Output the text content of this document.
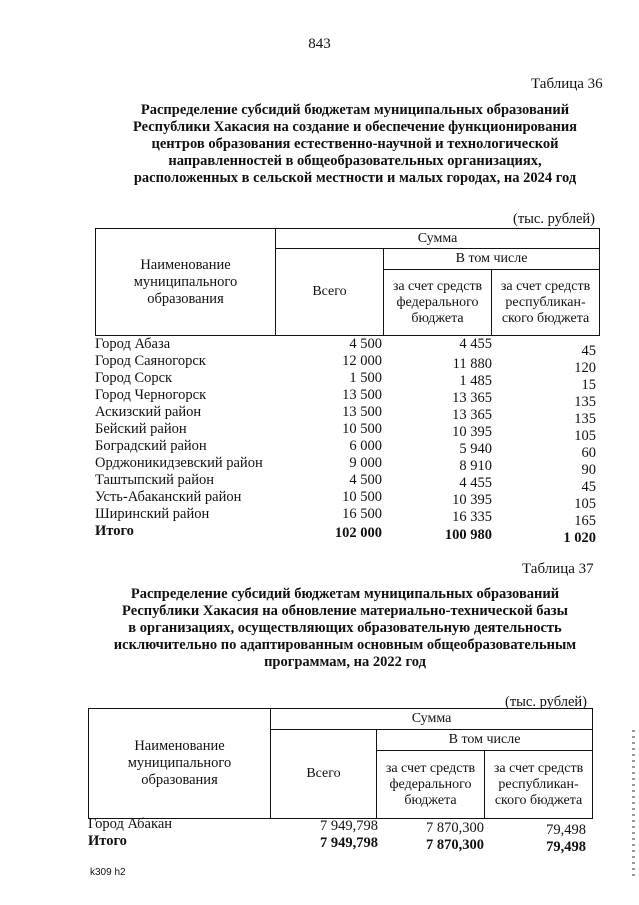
843
Таблица 36
Распределение субсидий бюджетам муниципальных образований
Республики Хакасия на создание и обеспечение функционирования
центров образования естественно-научной и технологической
направленностей в общеобразовательных организациях,
расположенных в сельской местности и малых городах, на 2024 год
(тыс. рублей)
Наименование муниципального образования	Сумма		
	Всего	В том числе	
		за счет средств федерального бюджета	за счет средств республикан-ского бюджета
Город Абаза	4 500	4 455	45
Город Саяногорск	12 000	11 880	120
Город Сорск	1 500	1 485	15
Город Черногорск	13 500	13 365	135
Аскизский район	13 500	13 365	135
Бейский район	10 500	10 395	105
Боградский район	6 000	5 940	60
Орджоникидзевский район	9 000	8 910	90
Таштыпский район	4 500	4 455	45
Усть-Абаканский район	10 500	10 395	105
Ширинский район	16 500	16 335	165
Итого	102 000	100 980	1 020
Таблица 37
Распределение субсидий бюджетам муниципальных образований
Республики Хакасия на обновление материально-технической базы
в организациях, осуществляющих образовательную деятельность
исключительно по адаптированным основным общеобразовательным
программам, на 2022 год
(тыс. рублей)
Наименование муниципального образования	Сумма		
	Всего	В том числе	
		за счет средств федерального бюджета	за счет средств республикан-ского бюджета
Город Абакан	7 949,798	7 870,300	79,498
Итого	7 949,798	7 870,300	79,498
k309 h2
